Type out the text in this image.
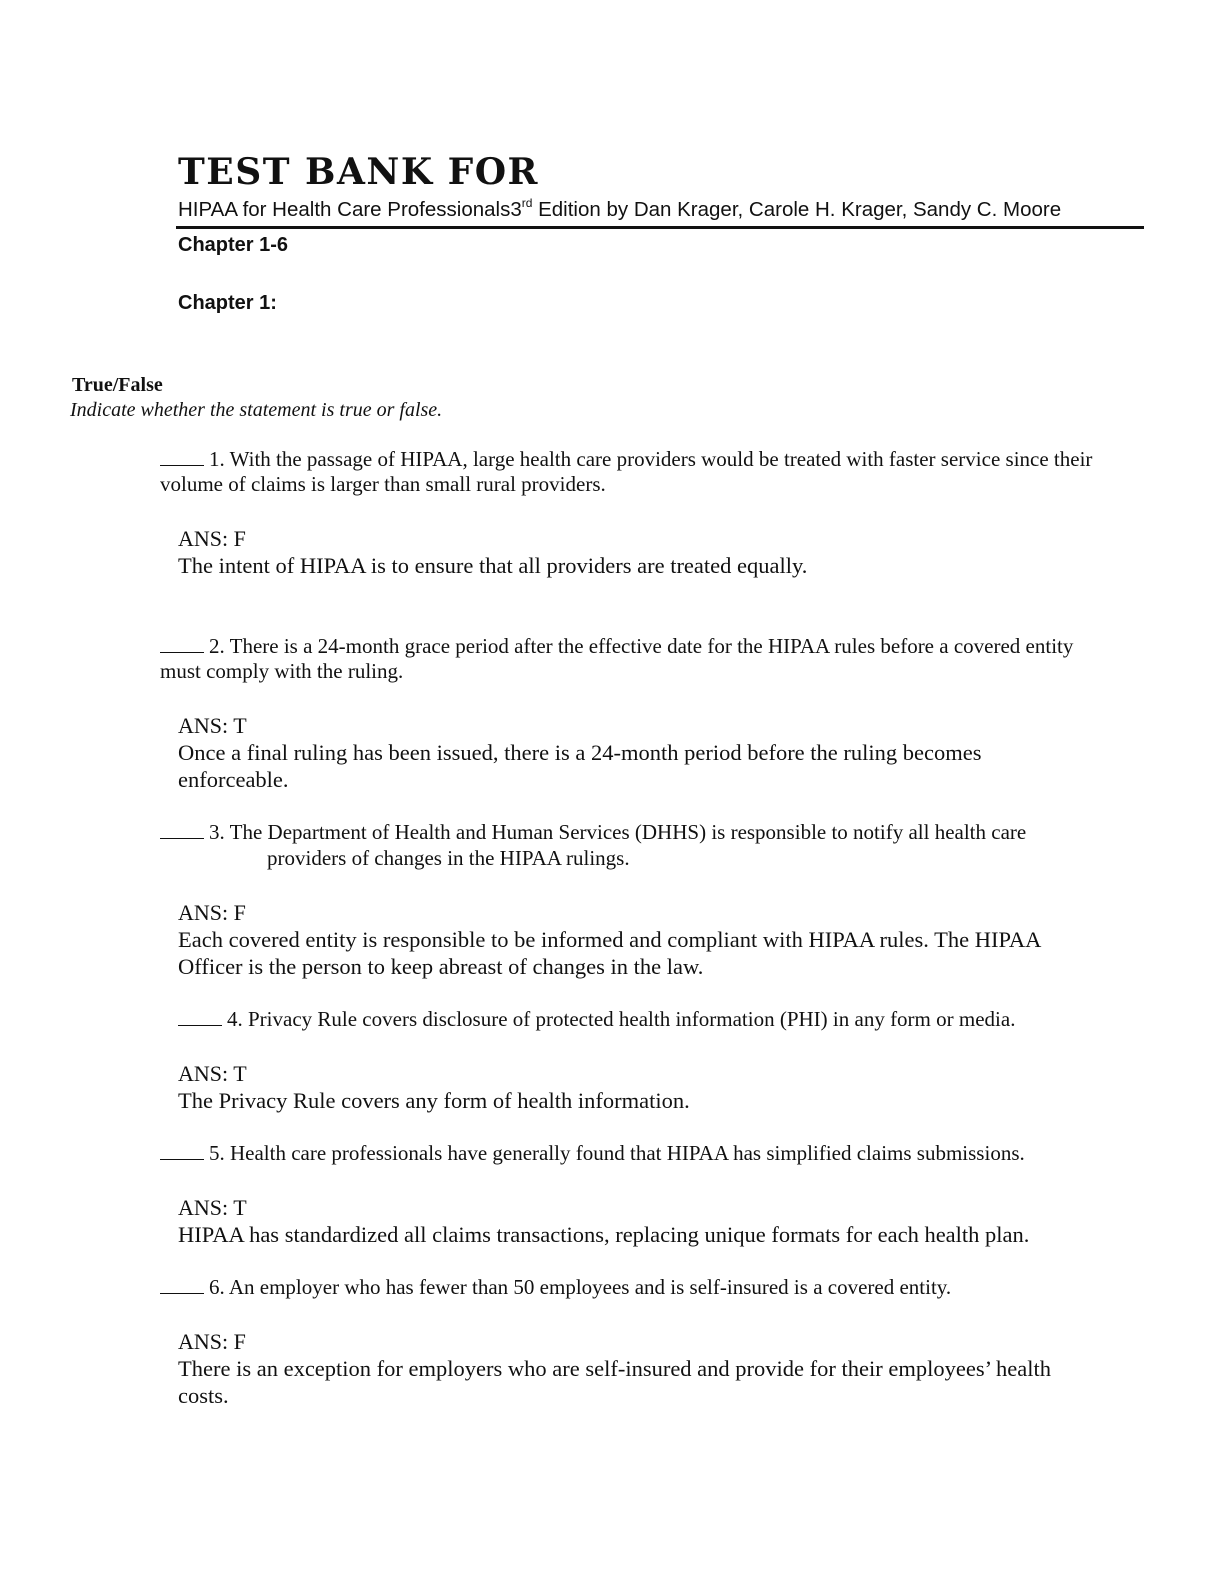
TEST BANK FOR
HIPAA for Health Care Professionals3rd Edition by Dan Krager, Carole H. Krager, Sandy C. Moore
Chapter 1-6
Chapter 1:
True/False
Indicate whether the statement is true or false.
1. With the passage of HIPAA, large health care providers would be treated with faster service since their
volume of claims is larger than small rural providers.
ANS: F
The intent of HIPAA is to ensure that all providers are treated equally.
2. There is a 24-month grace period after the effective date for the HIPAA rules before a covered entity
must comply with the ruling.
ANS: T
Once a final ruling has been issued, there is a 24-month period before the ruling becomes
enforceable.
3. The Department of Health and Human Services (DHHS) is responsible to notify all health care
providers of changes in the HIPAA rulings.
ANS: F
Each covered entity is responsible to be informed and compliant with HIPAA rules. The HIPAA
Officer is the person to keep abreast of changes in the law.
4. Privacy Rule covers disclosure of protected health information (PHI) in any form or media.
ANS: T
The Privacy Rule covers any form of health information.
5. Health care professionals have generally found that HIPAA has simplified claims submissions.
ANS: T
HIPAA has standardized all claims transactions, replacing unique formats for each health plan.
6. An employer who has fewer than 50 employees and is self-insured is a covered entity.
ANS: F
There is an exception for employers who are self-insured and provide for their employees’ health
costs.
